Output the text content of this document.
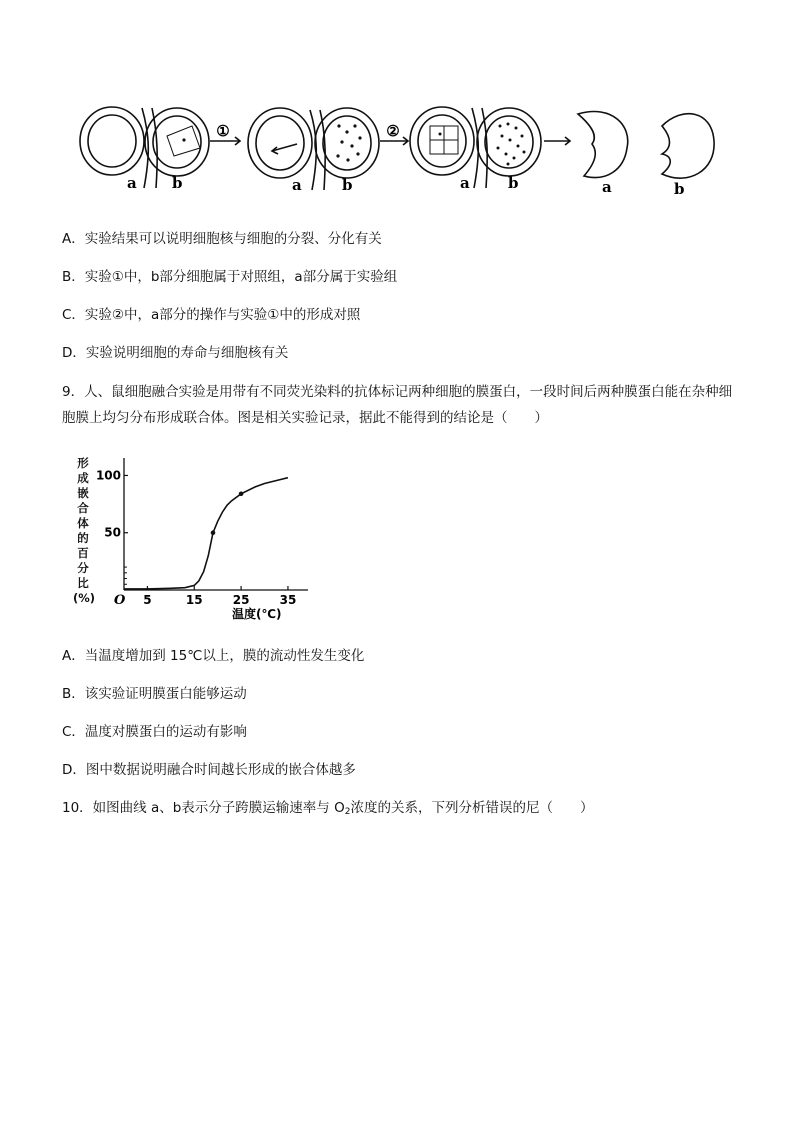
①	②
a b	a	b	a	b	a	b
A．实验结果可以说明细胞核与细胞的分裂、分化有关
B．实验①中，b部分细胞属于对照组，a部分属于实验组
C．实验②中，a部分的操作与实验①中的形成对照
D．实验说明细胞的寿命与细胞核有关
9．人、鼠细胞融合实验是用带有不同荧光染料的抗体标记两种细胞的膜蛋白，一段时间后两种膜蛋白能在杂种细胞膜上均匀分布形成联合体。图是相关实验记录，据此不能得到的结论是（　　）
形成嵌合体的百分比(%)	5	15	25	35
50
100
O
温度(℃)
A．当温度增加到 15℃以上，膜的流动性发生变化
B．该实验证明膜蛋白能够运动
C．温度对膜蛋白的运动有影响
D．图中数据说明融合时间越长形成的嵌合体越多
10．如图曲线 a、b表示分子跨膜运输速率与 $O_2$浓度的关系，下列分析错误的尼（　　）
